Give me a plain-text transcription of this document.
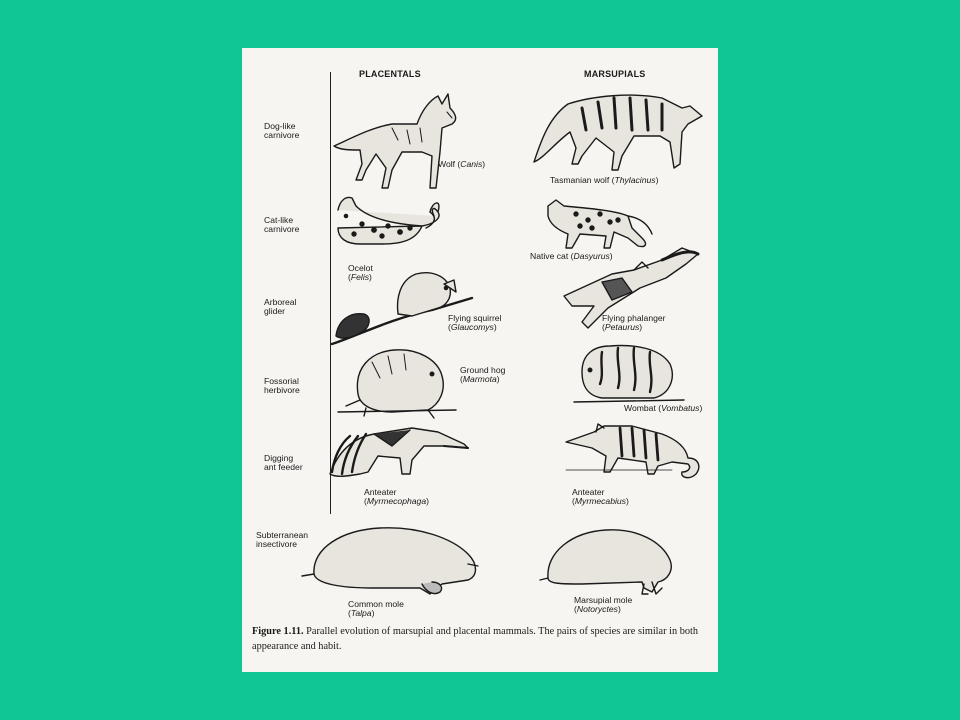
PLACENTALS	MARSUPIALS
Dog-like
carnivore
Cat-like
carnivore
Arboreal
glider
Fossorial
herbivore
Digging
ant feeder
Subterranean
insectivore
Wolf (Canis)
Ocelot
(Felis)
Flying squirrel
(Glaucomys)
Ground hog
(Marmota)
Anteater
(Myrmecophaga)
Common mole
(Talpa)
Tasmanian wolf (Thylacinus)
Native cat (Dasyurus)
Flying phalanger
(Petaurus)
Wombat (Vombatus)
Anteater
(Myrmecabius)
Marsupial mole
(Notoryctes)
Figure 1.11. Parallel evolution of marsupial and placental mammals. The pairs of species are similar in both appearance and habit.
